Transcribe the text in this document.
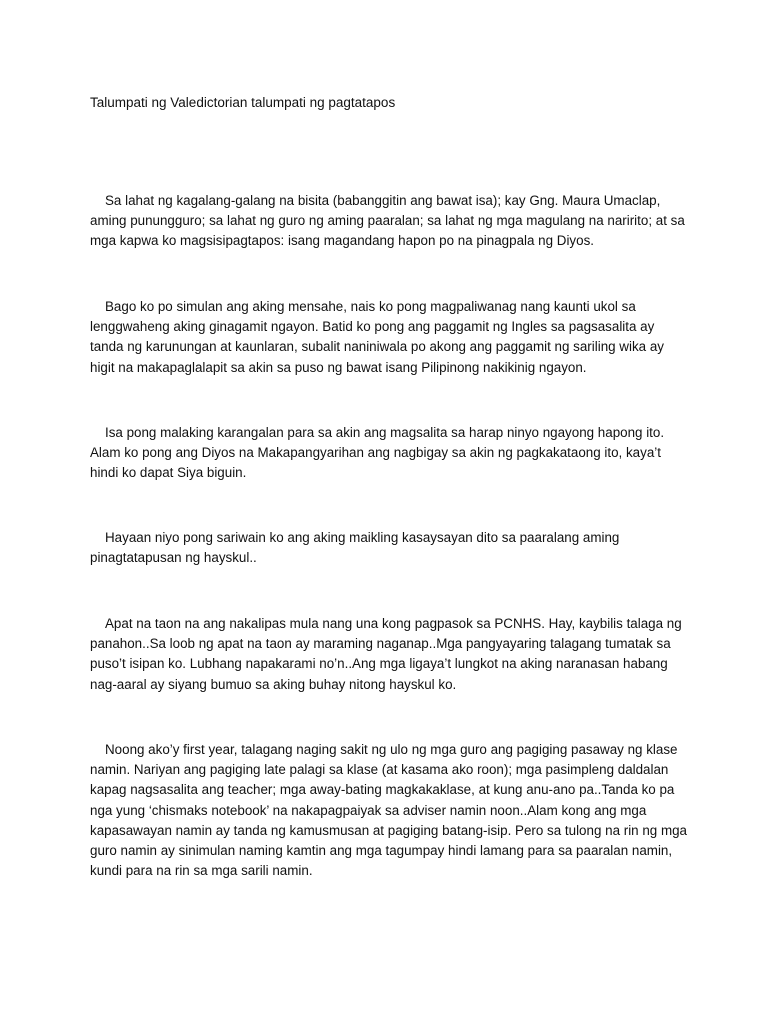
Talumpati ng Valedictorian talumpati ng pagtatapos

Sa lahat ng kagalang-galang na bisita (babanggitin ang bawat isa); kay Gng. Maura Umaclap, aming punungguro; sa lahat ng guro ng aming paaralan; sa lahat ng mga magulang na naririto; at sa mga kapwa ko magsisipagtapos: isang magandang hapon po na pinagpala ng Diyos.

Bago ko po simulan ang aking mensahe, nais ko pong magpaliwanag nang kaunti ukol sa lenggwaheng aking ginagamit ngayon. Batid ko pong ang paggamit ng Ingles sa pagsasalita ay tanda ng karunungan at kaunlaran, subalit naniniwala po akong ang paggamit ng sariling wika ay higit na makapaglalapit sa akin sa puso ng bawat isang Pilipinong nakikinig ngayon.

Isa pong malaking karangalan para sa akin ang magsalita sa harap ninyo ngayong hapong ito. Alam ko pong ang Diyos na Makapangyarihan ang nagbigay sa akin ng pagkakataong ito, kaya’t hindi ko dapat Siya biguin.

Hayaan niyo pong sariwain ko ang aking maikling kasaysayan dito sa paaralang aming pinagtatapusan ng hayskul..

Apat na taon na ang nakalipas mula nang una kong pagpasok sa PCNHS. Hay, kaybilis talaga ng panahon..Sa loob ng apat na taon ay maraming naganap..Mga pangyayaring talagang tumatak sa puso’t isipan ko. Lubhang napakarami no’n..Ang mga ligaya’t lungkot na aking naranasan habang nag-aaral ay siyang bumuo sa aking buhay nitong hayskul ko.

Noong ako’y first year, talagang naging sakit ng ulo ng mga guro ang pagiging pasaway ng klase namin. Nariyan ang pagiging late palagi sa klase (at kasama ako roon); mga pasimpleng daldalan kapag nagsasalita ang teacher; mga away-bating magkakaklase, at kung anu-ano pa..Tanda ko pa nga yung ‘chismaks notebook’ na nakapagpaiyak sa adviser namin noon..Alam kong ang mga kapasawayan namin ay tanda ng kamusmusan at pagiging batang-isip. Pero sa tulong na rin ng mga guro namin ay sinimulan naming kamtin ang mga tagumpay hindi lamang para sa paaralan namin, kundi para na rin sa mga sarili namin.
